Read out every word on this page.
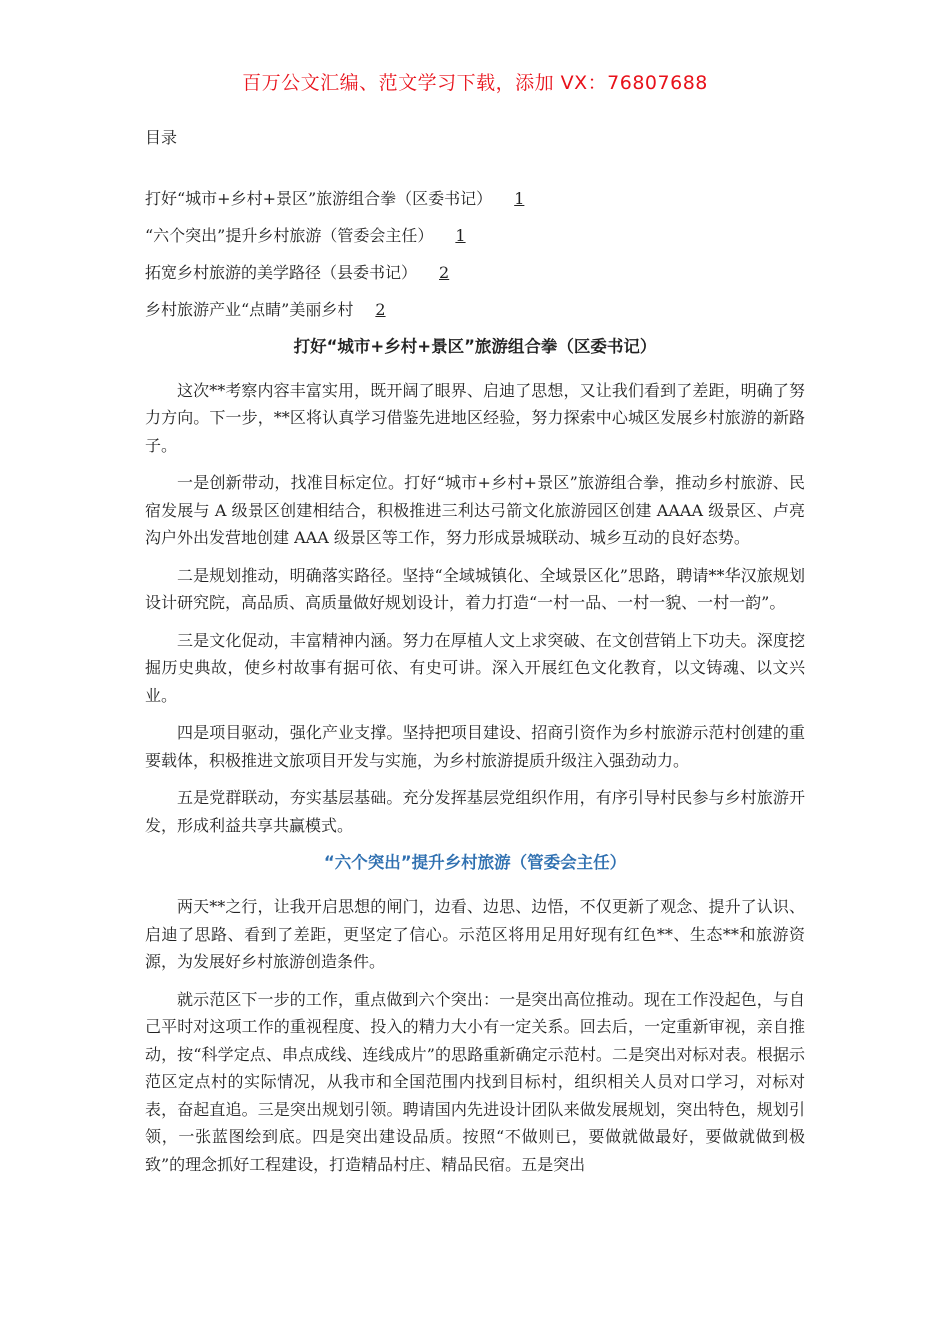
百万公文汇编、范文学习下载，添加 VX：76807688
目录
打好“城市+乡村+景区”旅游组合拳（区委书记） 1
“六个突出”提升乡村旅游（管委会主任） 1
拓宽乡村旅游的美学路径（县委书记） 2
乡村旅游产业“点睛”美丽乡村 2
打好“城市+乡村+景区”旅游组合拳（区委书记）

这次**考察内容丰富实用，既开阔了眼界、启迪了思想，又让我们看到了差距，明确了努力方向。下一步，**区将认真学习借鉴先进地区经验，努力探索中心城区发展乡村旅游的新路子。

一是创新带动，找准目标定位。打好“城市+乡村+景区”旅游组合拳，推动乡村旅游、民宿发展与 A 级景区创建相结合，积极推进三利达弓箭文化旅游园区创建 AAAA 级景区、卢亮沟户外出发营地创建 AAA 级景区等工作，努力形成景城联动、城乡互动的良好态势。

二是规划推动，明确落实路径。坚持“全域城镇化、全域景区化”思路，聘请**华汉旅规划设计研究院，高品质、高质量做好规划设计，着力打造“一村一品、一村一貌、一村一韵”。

三是文化促动，丰富精神内涵。努力在厚植人文上求突破、在文创营销上下功夫。深度挖掘历史典故，使乡村故事有据可依、有史可讲。深入开展红色文化教育，以文铸魂、以文兴业。

四是项目驱动，强化产业支撑。坚持把项目建设、招商引资作为乡村旅游示范村创建的重要载体，积极推进文旅项目开发与实施，为乡村旅游提质升级注入强劲动力。

五是党群联动，夯实基层基础。充分发挥基层党组织作用，有序引导村民参与乡村旅游开发，形成利益共享共赢模式。

“六个突出”提升乡村旅游（管委会主任）

两天**之行，让我开启思想的闸门，边看、边思、边悟，不仅更新了观念、提升了认识、启迪了思路、看到了差距，更坚定了信心。示范区将用足用好现有红色**、生态**和旅游资源，为发展好乡村旅游创造条件。

就示范区下一步的工作，重点做到六个突出：一是突出高位推动。现在工作没起色，与自己平时对这项工作的重视程度、投入的精力大小有一定关系。回去后，一定重新审视，亲自推动，按“科学定点、串点成线、连线成片”的思路重新确定示范村。二是突出对标对表。根据示范区定点村的实际情况，从我市和全国范围内找到目标村，组织相关人员对口学习，对标对表，奋起直追。三是突出规划引领。聘请国内先进设计团队来做发展规划，突出特色，规划引领，一张蓝图绘到底。四是突出建设品质。按照“不做则已，要做就做最好，要做就做到极致”的理念抓好工程建设，打造精品村庄、精品民宿。五是突出
